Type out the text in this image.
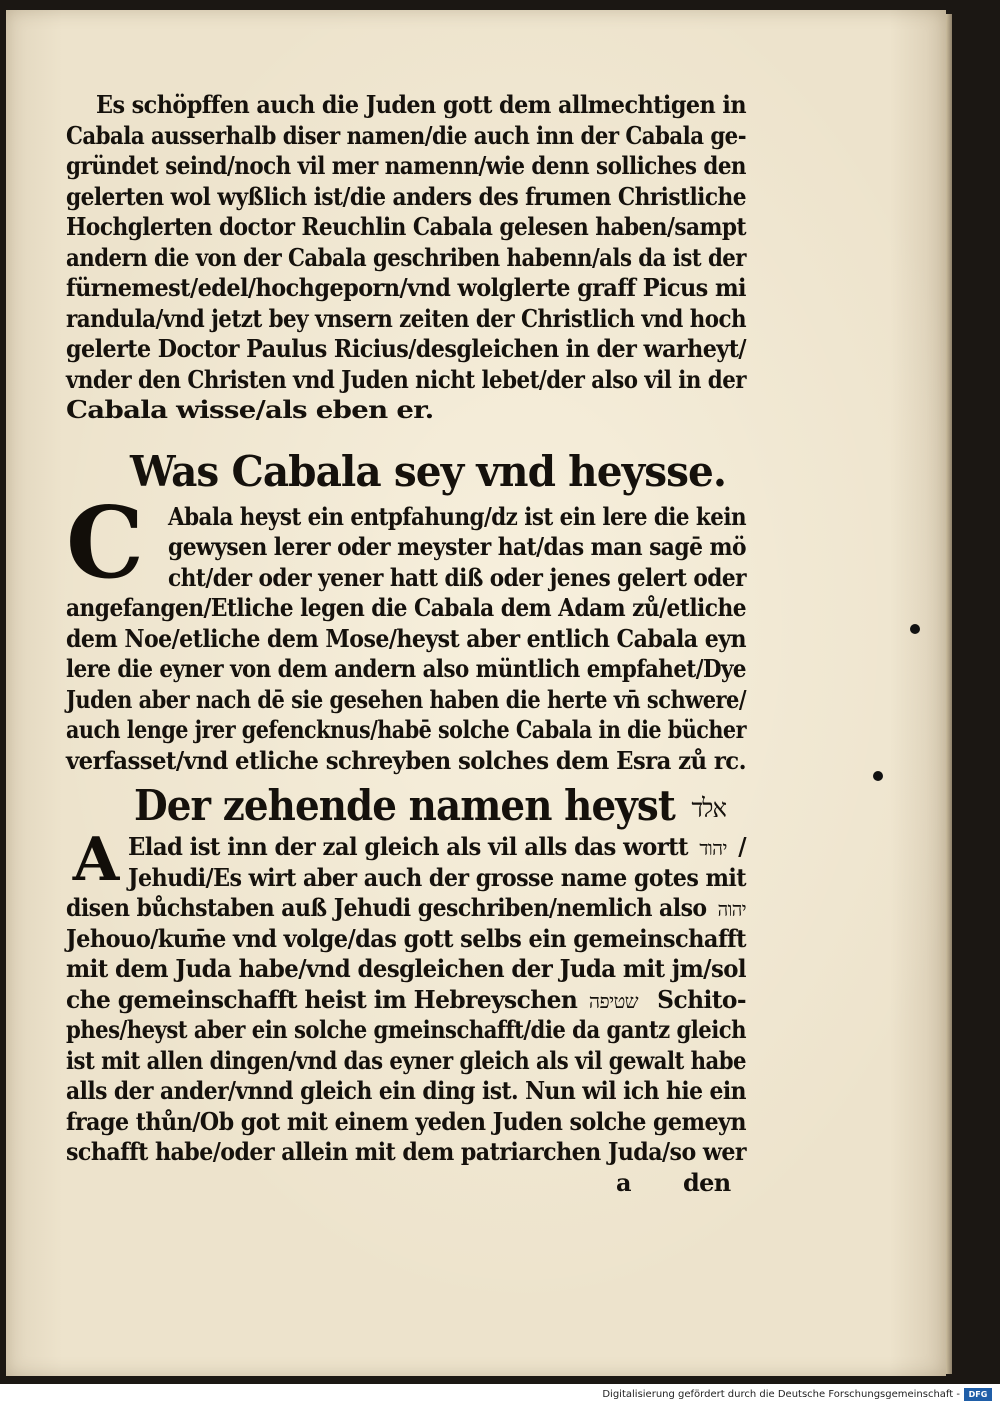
Es schöpffen auch die Juden gott dem allmechtigen in
Cabala ausserhalb diser namen/die auch inn der Cabala ge-
gründet seind/noch vil mer namenn/wie denn solliches den
gelerten wol wyßlich ist/die anders des frumen Christliche
Hochglerten doctor Reuchlin Cabala gelesen haben/sampt
andern die von der Cabala geschriben habenn/als da ist der
fürnemest/edel/hochgeporn/vnd wolglerte graff Picus mi
randula/vnd jetzt bey vnsern zeiten der Christlich vnd hoch
gelerte Doctor Paulus Ricius/desgleichen in der warheyt/
vnder den Christen vnd Juden nicht lebet/der also vil in der
Cabala wisse/als eben er.
Was Cabala sey vnd heysse.
C	Abala heyst ein entpfahung/dz ist ein lere die kein
gewysen lerer oder meyster hat/das man sagē mö
cht/der oder yener hatt diß oder jenes gelert oder
angefangen/Etliche legen die Cabala dem Adam zů/etliche
dem Noe/etliche dem Mose/heyst aber entlich Cabala eyn
lere die eyner von dem andern also müntlich empfahet/Dye
Juden aber nach dē sie gesehen haben die herte vn̄ schwere/
auch lenge jrer gefencknus/habē solche Cabala in die bücher
verfasset/vnd etliche schreyben solches dem Esra zů rc.
Der zehende namen heyst אלד
A Elad ist inn der zal gleich als vil alls das wortt יהוד /
Jehudi/Es wirt aber auch der grosse name gotes mit
disen bůchstaben auß Jehudi geschriben/nemlich also יהוה
Jehouo/kum̄e vnd volge/das gott selbs ein gemeinschafft
mit dem Juda habe/vnd desgleichen der Juda mit jm/sol
che gemeinschafft heist im Hebreyschen שטיפה Schito-
phes/heyst aber ein solche gmeinschafft/die da gantz gleich
ist mit allen dingen/vnd das eyner gleich als vil gewalt habe
alls der ander/vnnd gleich ein ding ist. Nun wil ich hie ein
frage thůn/Ob got mit einem yeden Juden solche gemeyn
schafft habe/oder allein mit dem patriarchen Juda/so wer
a den
Digitalisierung gefördert durch die Deutsche Forschungsgemeinschaft -	DFG
